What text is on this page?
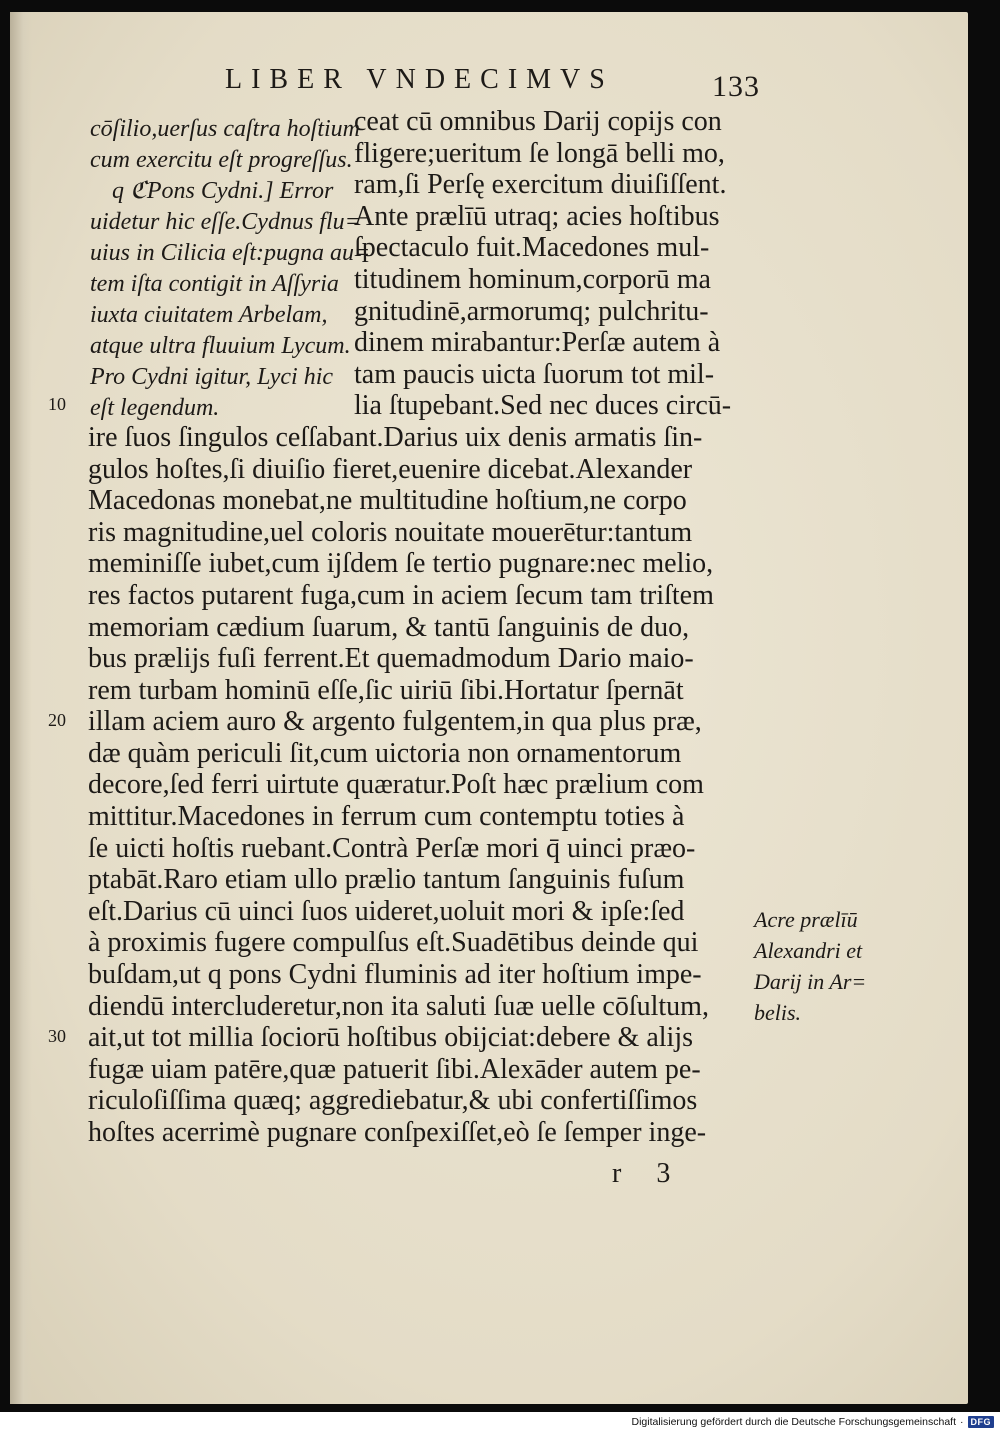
LIBER VNDECIMVS	133
cōſilio,uerſus caſtra hoſtium
cum exercitu eſt progreſſus.
q ℭPons Cydni.] Error
uidetur hic eſſe.Cydnus flu=
uius in Cilicia eſt:pugna au=
tem iſta contigit in Aſſyria
iuxta ciuitatem Arbelam,
atque ultra fluuium Lycum.
Pro Cydni igitur, Lyci hic
eſt legendum.
ceat cū omnibus Darij copijs con
fligere;ueritum ſe longā belli mo,
ram,ſi Perſę exercitum diuiſiſſent.
Ante prælīū utraq; acies hoſtibus
ſpectaculo fuit.Macedones mul-
titudinem hominum,corporū ma
gnitudinē,armorumq; pulchritu-
dinem mirabantur:Perſæ autem à
tam paucis uicta ſuorum tot mil-
lia ſtupebant.Sed nec duces circū-
ire ſuos ſingulos ceſſabant.Darius uix denis armatis ſin-
gulos hoſtes,ſi diuiſio fieret,euenire dicebat.Alexander
Macedonas monebat,ne multitudine hoſtium,ne corpo
ris magnitudine,uel coloris nouitate mouerētur:tantum
meminiſſe iubet,cum ijſdem ſe tertio pugnare:nec melio,
res factos putarent fuga,cum in aciem ſecum tam triſtem
memoriam cædium ſuarum, & tantū ſanguinis de duo,
bus prælijs fuſi ferrent.Et quemadmodum Dario maio-
rem turbam hominū eſſe,ſic uiriū ſibi.Hortatur ſpernāt
illam aciem auro & argento fulgentem,in qua plus præ,
dæ quàm periculi ſit,cum uictoria non ornamentorum
decore,ſed ferri uirtute quæratur.Poſt hæc prælium com
mittitur.Macedones in ferrum cum contemptu toties à
ſe uicti hoſtis ruebant.Contrà Perſæ mori q̄ uinci præo-
ptabāt.Raro etiam ullo prælio tantum ſanguinis fuſum
eſt.Darius cū uinci ſuos uideret,uoluit mori & ipſe:ſed
à proximis fugere compulſus eſt.Suadētibus deinde qui
buſdam,ut q pons Cydni fluminis ad iter hoſtium impe-
diendū intercluderetur,non ita saluti ſuæ uelle cōſultum,
ait,ut tot millia ſociorū hoſtibus obijciat:debere & alijs
fugæ uiam patēre,quæ patuerit ſibi.Alexāder autem pe-
riculoſiſſima quæq; aggrediebatur,& ubi confertiſſimos
hoſtes acerrimè pugnare conſpexiſſet,eò ſe ſemper inge-
10
20
30
Acre prælīū
Alexandri et
Darij in Ar=
belis.
r 3
Digitalisierung gefördert durch die Deutsche Forschungsgemeinschaft · DFG
